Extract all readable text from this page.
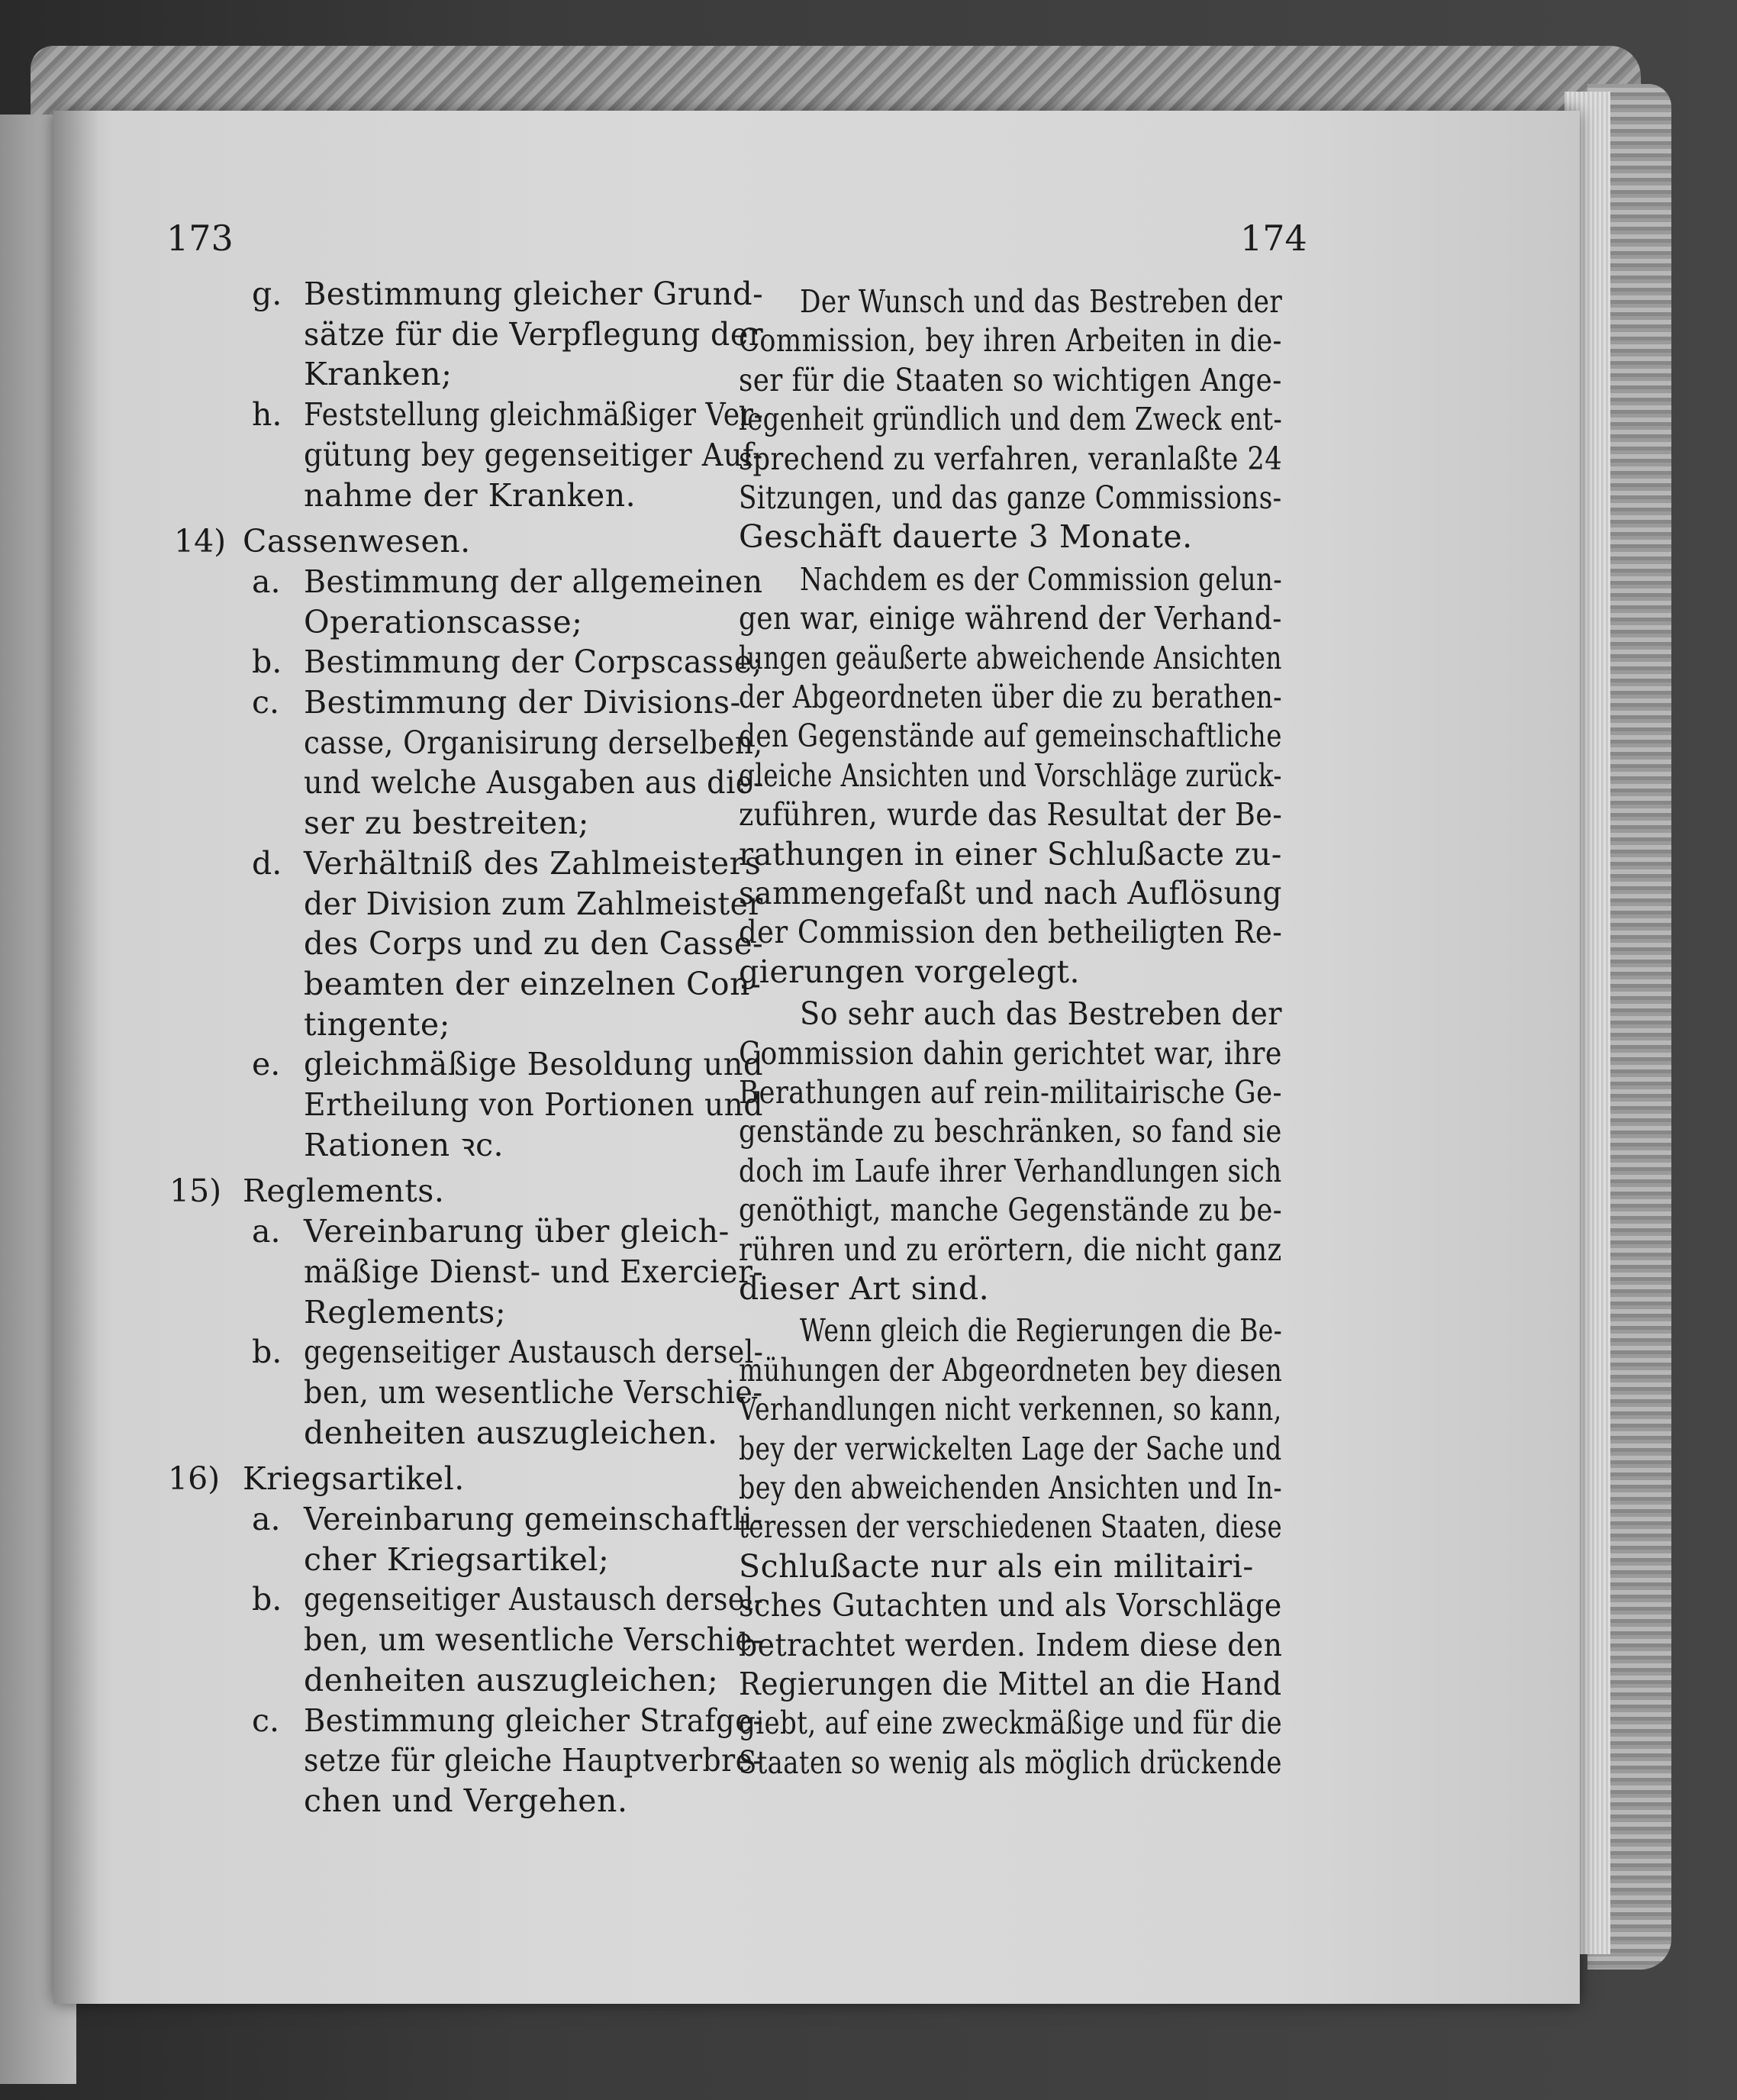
173	174
g. Bestimmung gleicher Grund-
sätze für die Verpflegung der
Kranken;
h. Feststellung gleichmäßiger Ver-
gütung bey gegenseitiger Auf-
nahme der Kranken.
14) Cassenwesen.
a. Bestimmung der allgemeinen
Operationscasse;
b. Bestimmung der Corpscasse;
c. Bestimmung der Divisions-
casse, Organisirung derselben,
und welche Ausgaben aus die-
ser zu bestreiten;
d. Verhältniß des Zahlmeisters
der Division zum Zahlmeister
des Corps und zu den Casse-
beamten der einzelnen Con-
tingente;
e. gleichmäßige Besoldung und
Ertheilung von Portionen und
Rationen ꝛc.
15) Reglements.
a. Vereinbarung über gleich-
mäßige Dienst- und Exercier-
Reglements;
b. gegenseitiger Austausch dersel-
ben, um wesentliche Verschie-
denheiten auszugleichen.
16) Kriegsartikel.
a. Vereinbarung gemeinschaftli-
cher Kriegsartikel;
b. gegenseitiger Austausch dersel-
ben, um wesentliche Verschie-
denheiten auszugleichen;
c. Bestimmung gleicher Strafge-
setze für gleiche Hauptverbre-
chen und Vergehen.
Der Wunsch und das Bestreben der
Commission, bey ihren Arbeiten in die-
ser für die Staaten so wichtigen Ange-
legenheit gründlich und dem Zweck ent-
sprechend zu verfahren, veranlaßte 24
Sitzungen, und das ganze Commissions-
Geschäft dauerte 3 Monate.
Nachdem es der Commission gelun-
gen war, einige während der Verhand-
lungen geäußerte abweichende Ansichten
der Abgeordneten über die zu berathen-
den Gegenstände auf gemeinschaftliche
gleiche Ansichten und Vorschläge zurück-
zuführen, wurde das Resultat der Be-
rathungen in einer Schlußacte zu-
sammengefaßt und nach Auflösung
der Commission den betheiligten Re-
gierungen vorgelegt.
So sehr auch das Bestreben der
Commission dahin gerichtet war, ihre
Berathungen auf rein-militairische Ge-
genstände zu beschränken, so fand sie
doch im Laufe ihrer Verhandlungen sich
genöthigt, manche Gegenstände zu be-
rühren und zu erörtern, die nicht ganz
dieser Art sind.
Wenn gleich die Regierungen die Be-
mühungen der Abgeordneten bey diesen
Verhandlungen nicht verkennen, so kann,
bey der verwickelten Lage der Sache und
bey den abweichenden Ansichten und In-
teressen der verschiedenen Staaten, diese
Schlußacte nur als ein militairi-
sches Gutachten und als Vorschläge
betrachtet werden. Indem diese den
Regierungen die Mittel an die Hand
giebt, auf eine zweckmäßige und für die
Staaten so wenig als möglich drückende
